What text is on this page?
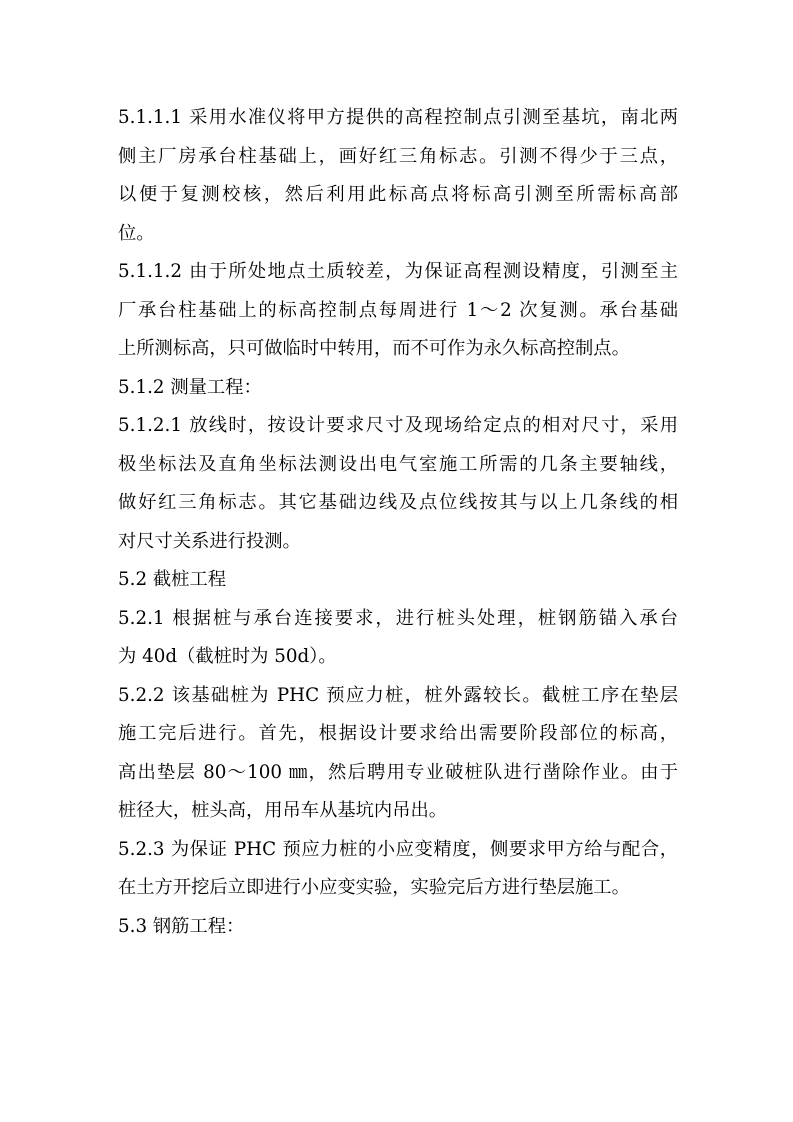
5.1.1.1 采用水准仪将甲方提供的高程控制点引测至基坑，南北两
侧主厂房承台柱基础上，画好红三角标志。引测不得少于三点，
以便于复测校核，然后利用此标高点将标高引测至所需标高部
位。
5.1.1.2 由于所处地点土质较差，为保证高程测设精度，引测至主
厂承台柱基础上的标高控制点每周进行 1～2 次复测。承台基础
上所测标高，只可做临时中转用，而不可作为永久标高控制点。
5.1.2 测量工程：
5.1.2.1 放线时，按设计要求尺寸及现场给定点的相对尺寸，采用
极坐标法及直角坐标法测设出电气室施工所需的几条主要轴线，
做好红三角标志。其它基础边线及点位线按其与以上几条线的相
对尺寸关系进行投测。
5.2 截桩工程
5.2.1 根据桩与承台连接要求，进行桩头处理，桩钢筋锚入承台
为 40d（截桩时为 50d）。
5.2.2 该基础桩为 PHC 预应力桩，桩外露较长。截桩工序在垫层
施工完后进行。首先，根据设计要求给出需要阶段部位的标高，
高出垫层 80～100 ㎜，然后聘用专业破桩队进行凿除作业。由于
桩径大，桩头高，用吊车从基坑内吊出。
5.2.3 为保证 PHC 预应力桩的小应变精度，侧要求甲方给与配合，
在土方开挖后立即进行小应变实验，实验完后方进行垫层施工。
5.3 钢筋工程：
